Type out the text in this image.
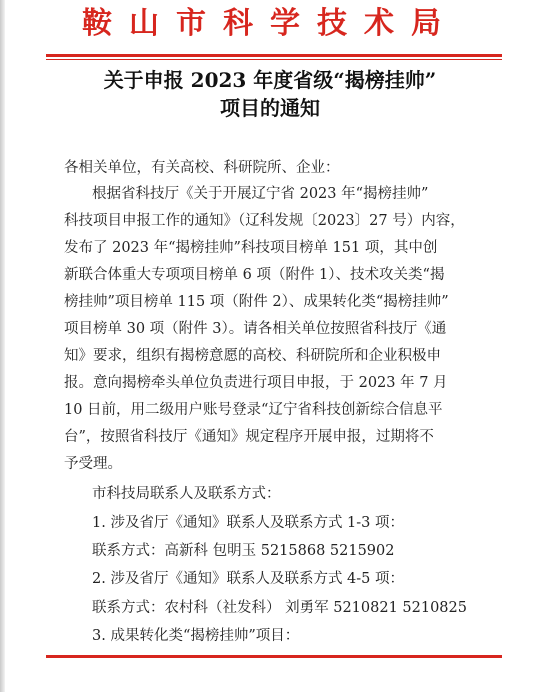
鞍山市科学技术局
关于申报 2023 年度省级“揭榜挂帅”
项目的通知
各相关单位，有关高校、科研院所、企业：
根据省科技厅《关于开展辽宁省 2023 年“揭榜挂帅”
科技项目申报工作的通知》（辽科发规〔2023〕27 号）内容，
发布了 2023 年“揭榜挂帅”科技项目榜单 151 项，其中创
新联合体重大专项项目榜单 6 项（附件 1）、技术攻关类“揭
榜挂帅”项目榜单 115 项（附件 2）、成果转化类“揭榜挂帅”
项目榜单 30 项（附件 3）。请各相关单位按照省科技厅《通
知》要求，组织有揭榜意愿的高校、科研院所和企业积极申
报。意向揭榜牵头单位负责进行项目申报，于 2023 年 7 月
10 日前，用二级用户账号登录“辽宁省科技创新综合信息平
台”，按照省科技厅《通知》规定程序开展申报，过期将不
予受理。
市科技局联系人及联系方式：
1. 涉及省厅《通知》联系人及联系方式 1-3 项：
联系方式：高新科 包明玉 5215868 5215902
2. 涉及省厅《通知》联系人及联系方式 4-5 项：
联系方式：农村科（社发科） 刘勇军 5210821 5210825
3. 成果转化类“揭榜挂帅”项目：
